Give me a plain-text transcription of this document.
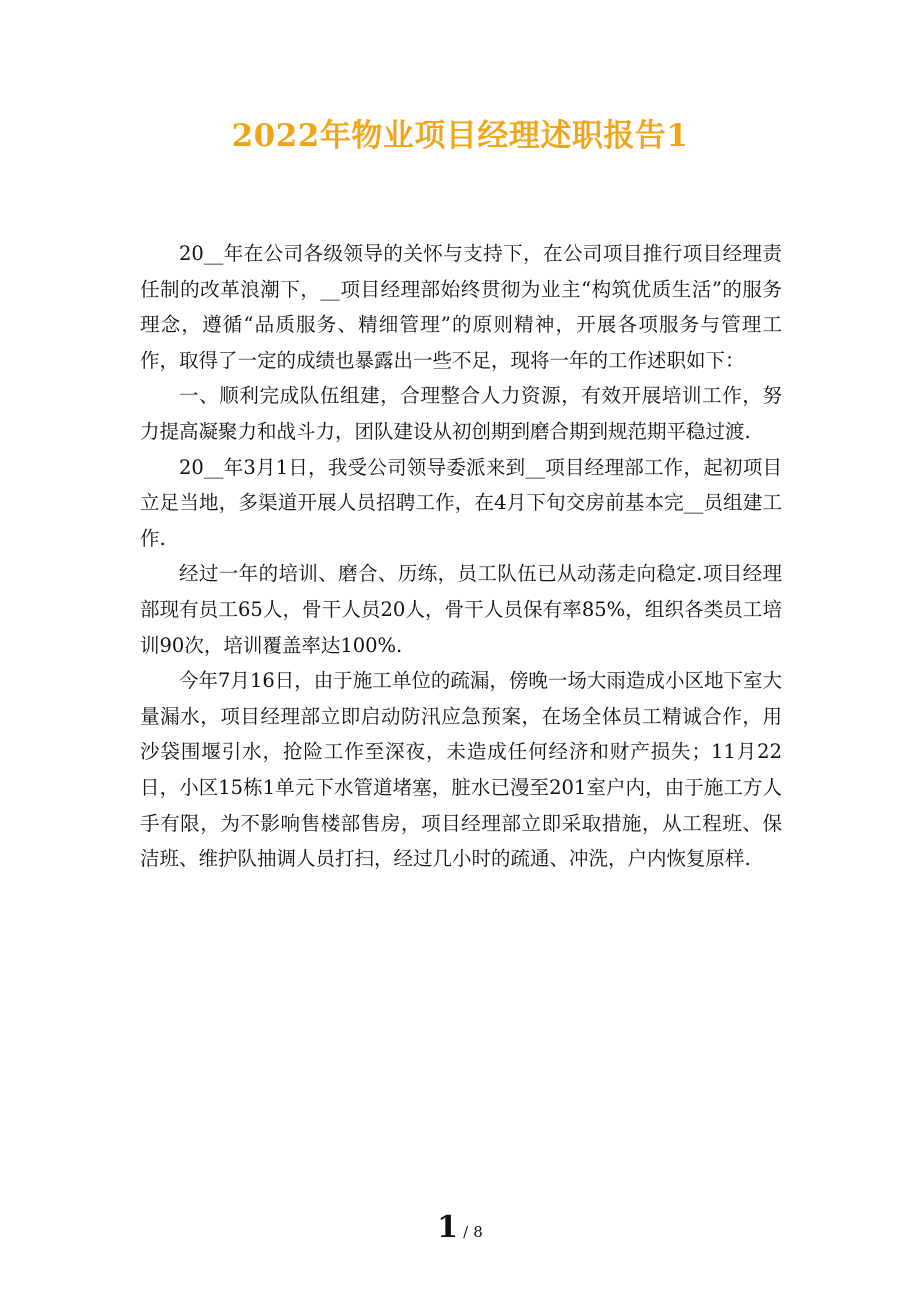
2022年物业项目经理述职报告1

20__年在公司各级领导的关怀与支持下，在公司项目推行项目经理责任制的改革浪潮下，__项目经理部始终贯彻为业主“构筑优质生活”的服务理念，遵循“品质服务、精细管理”的原则精神，开展各项服务与管理工作，取得了一定的成绩也暴露出一些不足，现将一年的工作述职如下：

一、顺利完成队伍组建，合理整合人力资源，有效开展培训工作，努力提高凝聚力和战斗力，团队建设从初创期到磨合期到规范期平稳过渡.

20__年3月1日，我受公司领导委派来到__项目经理部工作，起初项目立足当地，多渠道开展人员招聘工作，在4月下旬交房前基本完__员组建工作.

经过一年的培训、磨合、历练，员工队伍已从动荡走向稳定.项目经理部现有员工65人，骨干人员20人，骨干人员保有率85%，组织各类员工培训90次，培训覆盖率达100%.

今年7月16日，由于施工单位的疏漏，傍晚一场大雨造成小区地下室大量漏水，项目经理部立即启动防汛应急预案，在场全体员工精诚合作，用沙袋围堰引水，抢险工作至深夜，未造成任何经济和财产损失；11月22日，小区15栋1单元下水管道堵塞，脏水已漫至201室户内，由于施工方人手有限，为不影响售楼部售房，项目经理部立即采取措施，从工程班、保洁班、维护队抽调人员打扫，经过几小时的疏通、冲洗，户内恢复原样.

1 / 8
